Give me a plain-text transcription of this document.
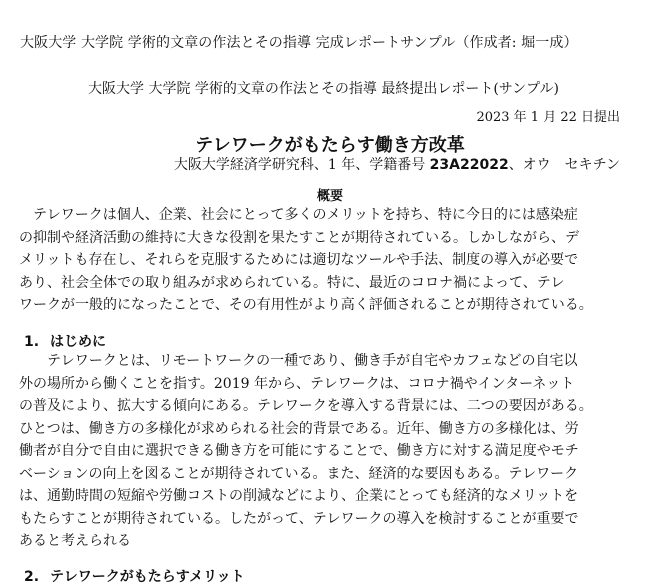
大阪大学 大学院 学術的文章の作法とその指導 完成レポートサンプル（作成者: 堀一成）
大阪大学 大学院 学術的文章の作法とその指導 最終提出レポート(サンプル)
2023 年 1 月 22 日提出
テレワークがもたらす働き方改革
大阪大学経済学研究科、1 年、学籍番号 23A22022、オウ　セキチン
概要
　テレワークは個人、企業、社会にとって多くのメリットを持ち、特に今日的には感染症
の抑制や経済活動の維持に大きな役割を果たすことが期待されている。しかしながら、デ
メリットも存在し、それらを克服するためには適切なツールや手法、制度の導入が必要で
あり、社会全体での取り組みが求められている。特に、最近のコロナ禍によって、テレ
ワークが一般的になったことで、その有用性がより高く評価されることが期待されている。
1. はじめに
　　テレワークとは、リモートワークの一種であり、働き手が自宅やカフェなどの自宅以
外の場所から働くことを指す。2019 年から、テレワークは、コロナ禍やインターネット
の普及により、拡大する傾向にある。テレワークを導入する背景には、二つの要因がある。
ひとつは、働き方の多様化が求められる社会的背景である。近年、働き方の多様化は、労
働者が自分で自由に選択できる働き方を可能にすることで、働き方に対する満足度やモチ
ベーションの向上を図ることが期待されている。また、経済的な要因もある。テレワーク
は、通勤時間の短縮や労働コストの削減などにより、企業にとっても経済的なメリットを
もたらすことが期待されている。したがって、テレワークの導入を検討することが重要で
あると考えられる
2. テレワークがもたらすメリット
